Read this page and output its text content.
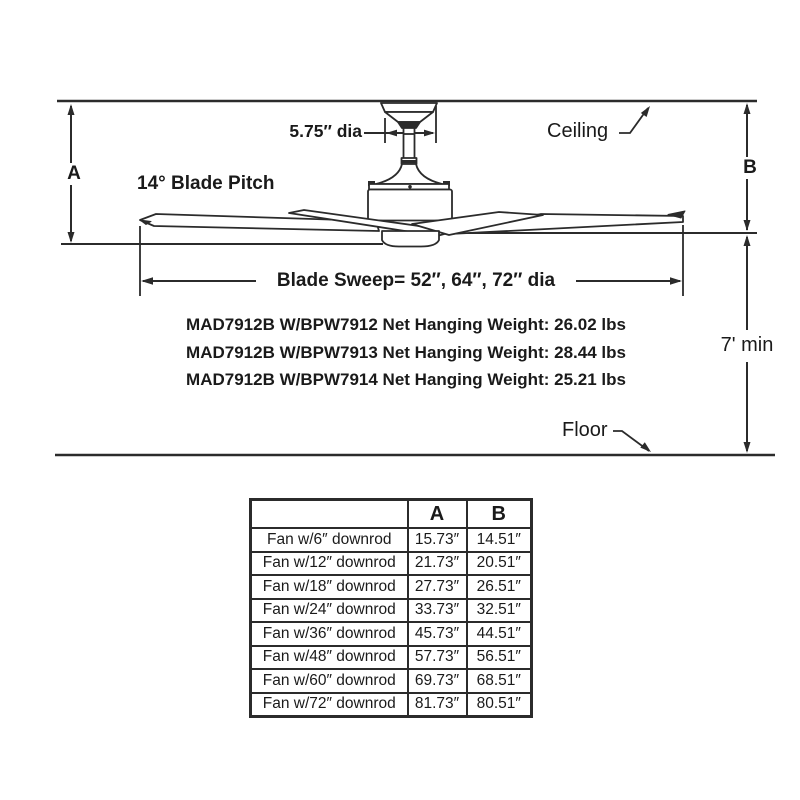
5.75″ dia
14° Blade Pitch
Ceiling
A	B
Blade Sweep= 52″, 64″, 72″ dia
MAD7912B W/BPW7912 Net Hanging Weight: 26.02 lbs
MAD7912B W/BPW7913 Net Hanging Weight: 28.44 lbs
MAD7912B W/BPW7914 Net Hanging Weight: 25.21 lbs
7' min
Floor
	A	B
Fan w/6″ downrod	15.73″	14.51″
Fan w/12″ downrod	21.73″	20.51″
Fan w/18″ downrod	27.73″	26.51″
Fan w/24″ downrod	33.73″	32.51″
Fan w/36″ downrod	45.73″	44.51″
Fan w/48″ downrod	57.73″	56.51″
Fan w/60″ downrod	69.73″	68.51″
Fan w/72″ downrod	81.73″	80.51″
